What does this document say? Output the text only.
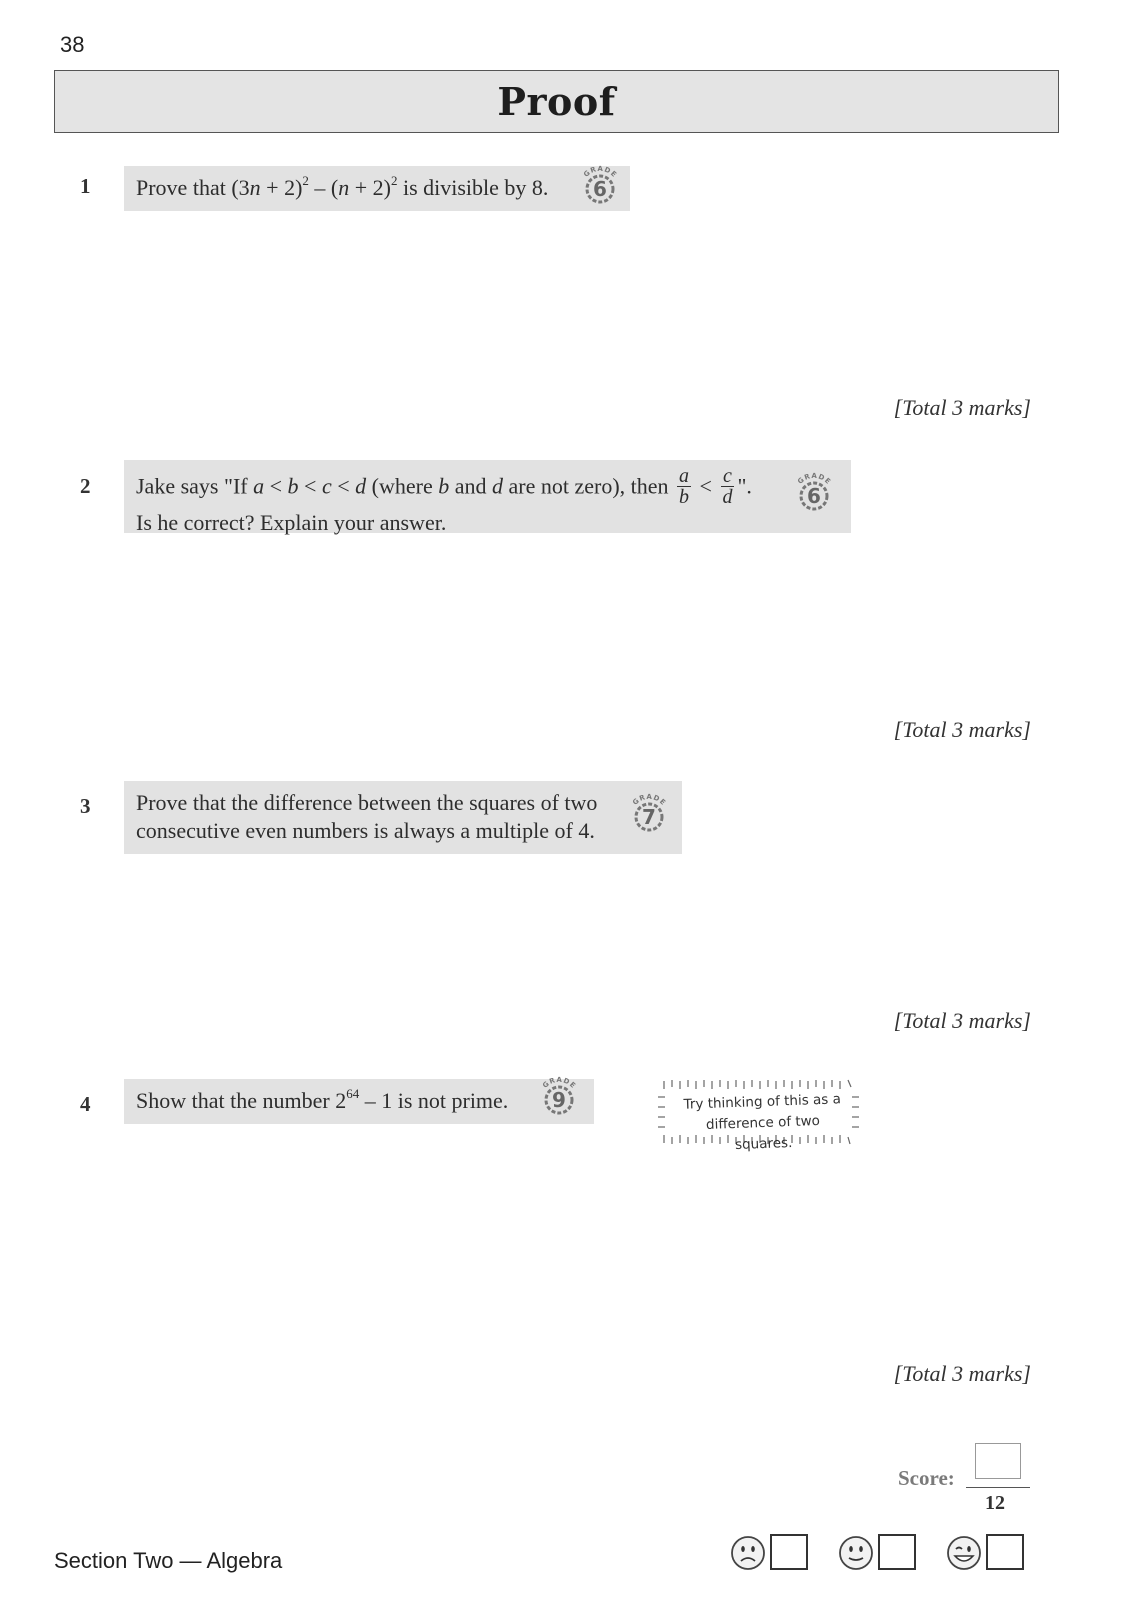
38
Proof
1	Prove that $(3n + 2)^2 - (n + 2)^2$ is divisible by 8.
GRADE
6
[Total 3 marks]
2 Jake says "If a < b < c < d (where b and d are not zero), then $\frac{a}{b} < \frac{c}{d}$ ".
Is he correct? Explain your answer.
GRADE
6
[Total 3 marks]
3 Prove that the difference between the squares of two
consecutive even numbers is always a multiple of 4.
GRADE
7
[Total 3 marks]
4	Show that the number $2^{64} - 1$ is not prime.
GRADE
9	Try thinking of this as a
difference of two squares.
[Total 3 marks]
Score:
12
Section Two — Algebra
